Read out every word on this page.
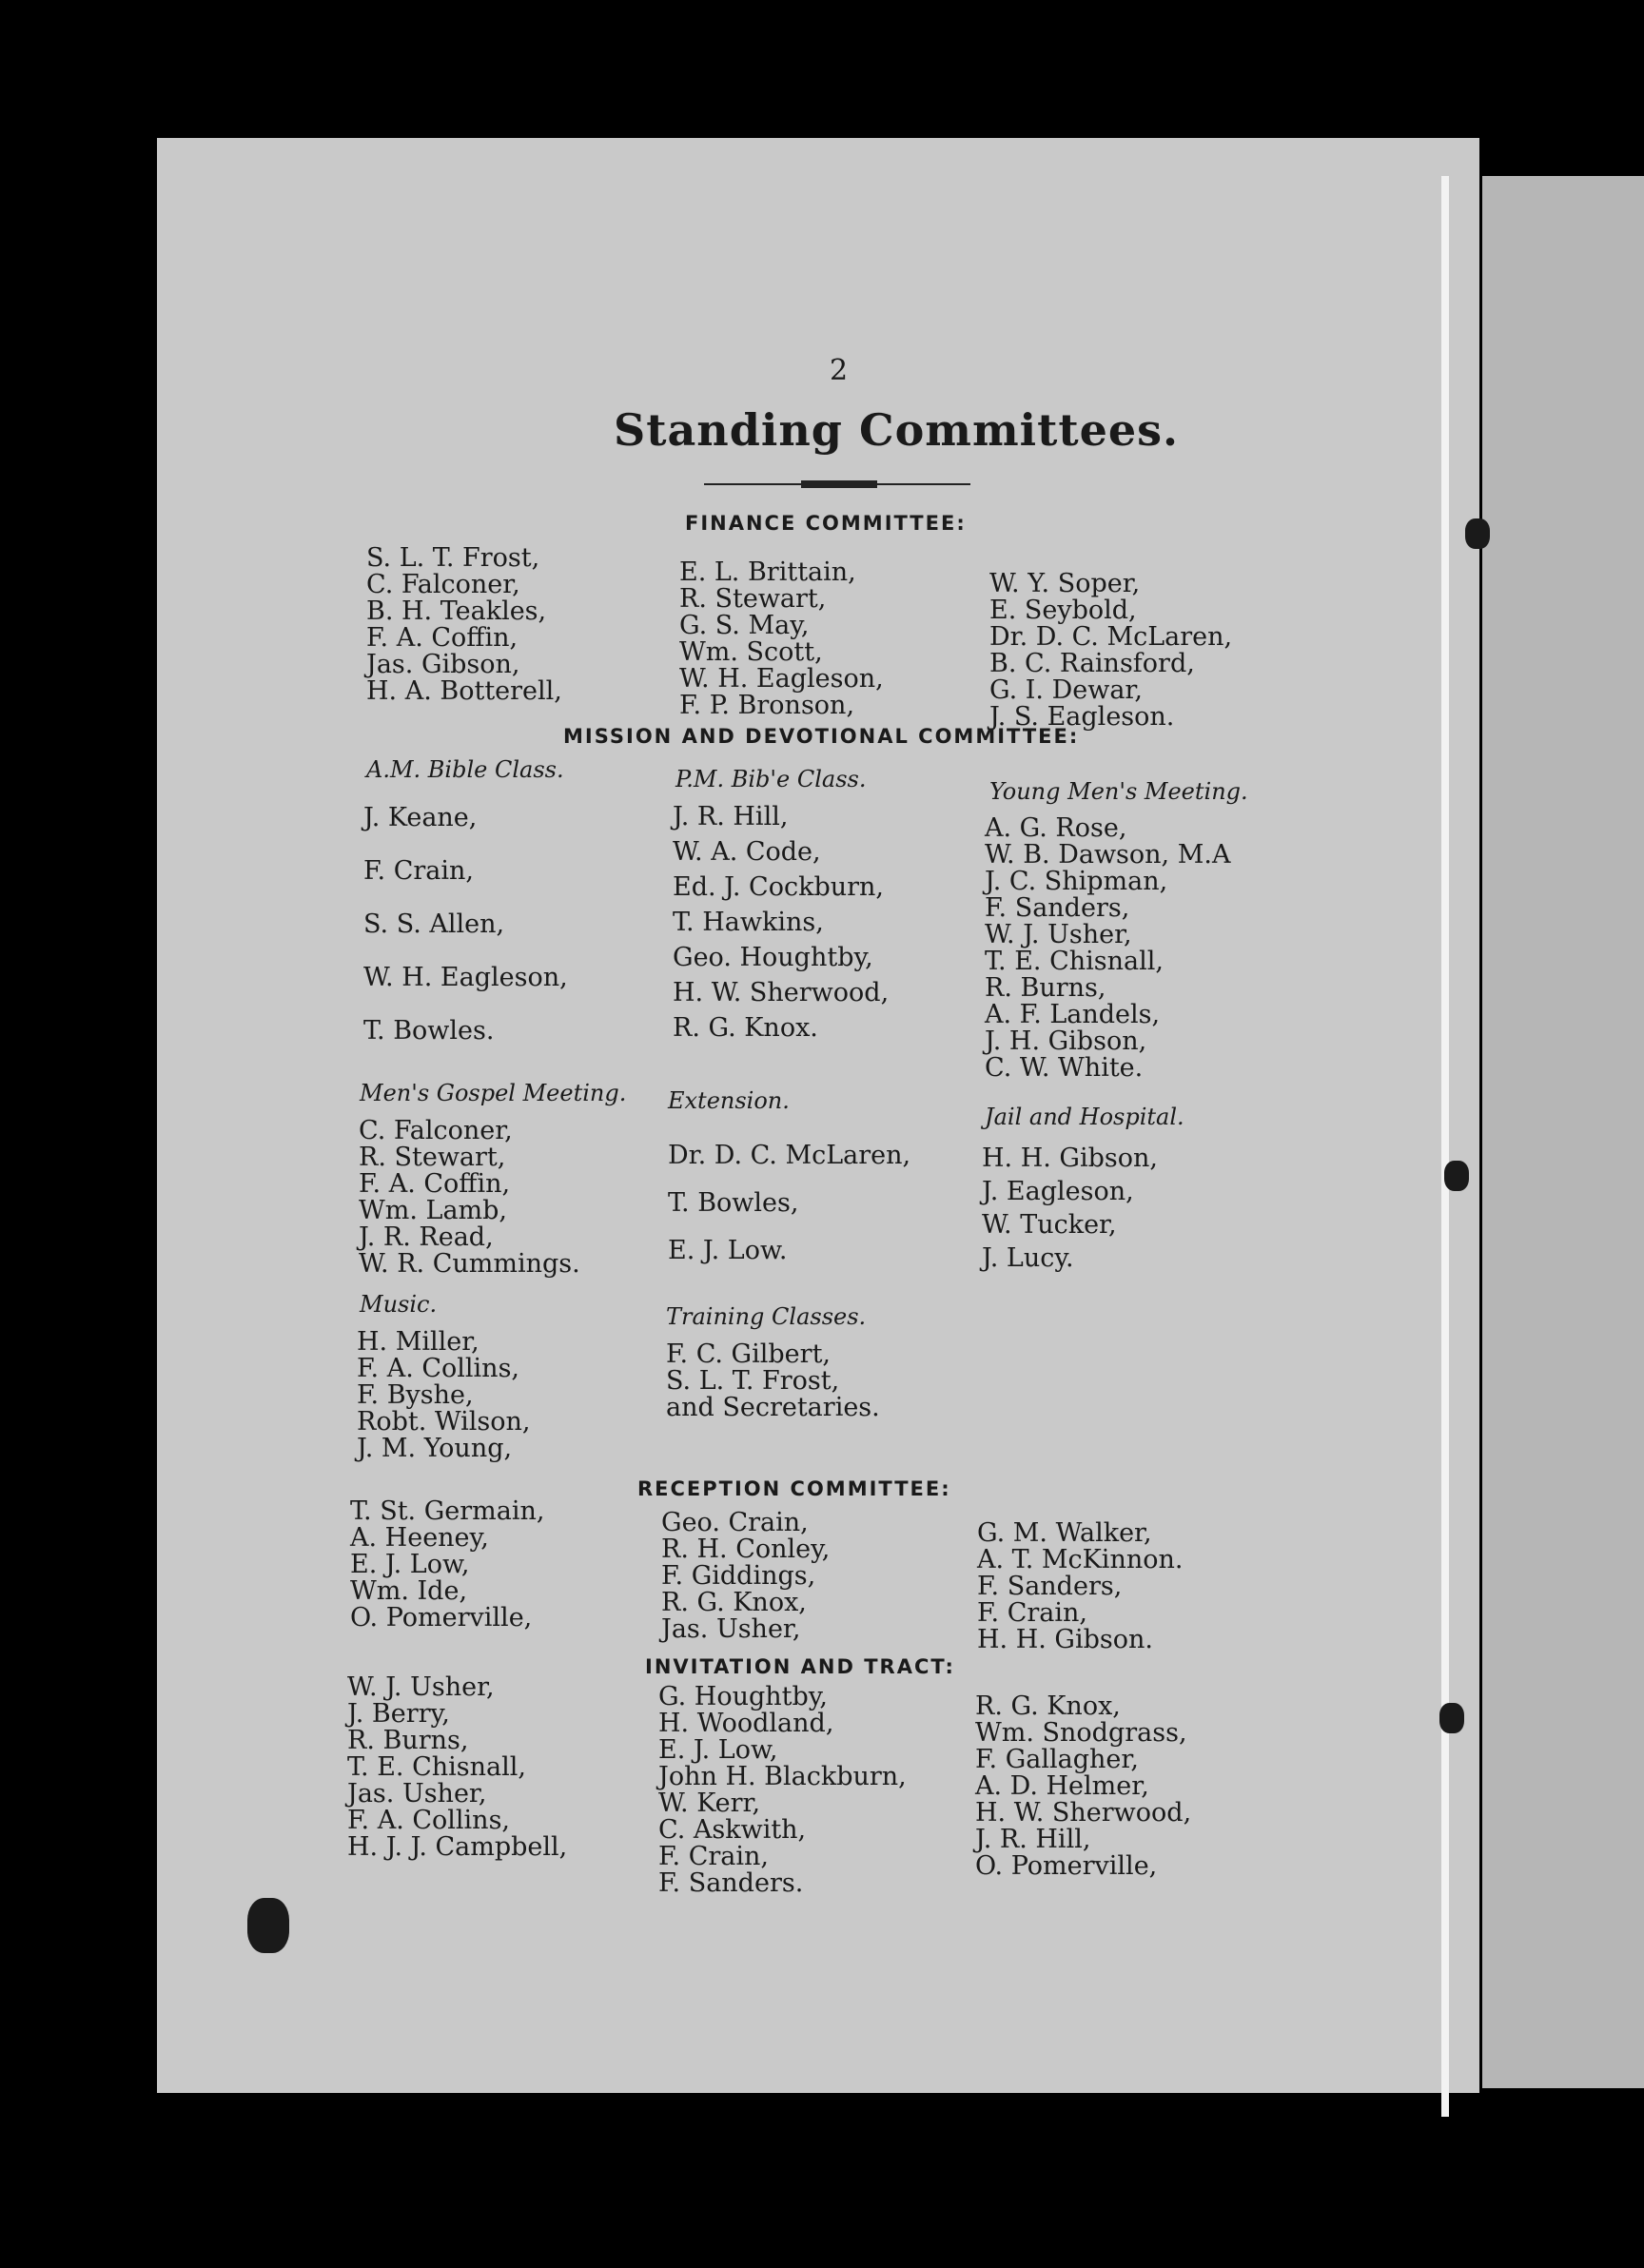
2
Standing Committees.
FINANCE COMMITTEE:
S. L. T. Frost,
C. Falconer,
B. H. Teakles,
F. A. Coffin,
Jas. Gibson,
H. A. Botterell,
E. L. Brittain,
R. Stewart,
G. S. May,
Wm. Scott,
W. H. Eagleson,
F. P. Bronson,
W. Y. Soper,
E. Seybold,
Dr. D. C. McLaren,
B. C. Rainsford,
G. I. Dewar,
J. S. Eagleson.
MISSION AND DEVOTIONAL COMMITTEE:
A.M. Bible Class.
J. Keane,
F. Crain,
S. S. Allen,
W. H. Eagleson,
T. Bowles.
P.M. Bib'e Class.
J. R. Hill,
W. A. Code,
Ed. J. Cockburn,
T. Hawkins,
Geo. Houghtby,
H. W. Sherwood,
R. G. Knox.
Young Men's Meeting.
A. G. Rose,
W. B. Dawson, M.A
J. C. Shipman,
F. Sanders,
W. J. Usher,
T. E. Chisnall,
R. Burns,
A. F. Landels,
J. H. Gibson,
C. W. White.
Men's Gospel Meeting.
C. Falconer,
R. Stewart,
F. A. Coffin,
Wm. Lamb,
J. R. Read,
W. R. Cummings.
Extension.
Dr. D. C. McLaren,
T. Bowles,
E. J. Low.
Jail and Hospital.
H. H. Gibson,
J. Eagleson,
W. Tucker,
J. Lucy.
Music.
H. Miller,
F. A. Collins,
F. Byshe,
Robt. Wilson,
J. M. Young,
Training Classes.
F. C. Gilbert,
S. L. T. Frost,
and Secretaries.
RECEPTION COMMITTEE:
T. St. Germain,
A. Heeney,
E. J. Low,
Wm. Ide,
O. Pomerville,
Geo. Crain,
R. H. Conley,
F. Giddings,
R. G. Knox,
Jas. Usher,
G. M. Walker,
A. T. McKinnon.
F. Sanders,
F. Crain,
H. H. Gibson.
INVITATION AND TRACT:
W. J. Usher,
J. Berry,
R. Burns,
T. E. Chisnall,
Jas. Usher,
F. A. Collins,
H. J. J. Campbell,
G. Houghtby,
H. Woodland,
E. J. Low,
John H. Blackburn,
W. Kerr,
C. Askwith,
F. Crain,
F. Sanders.
R. G. Knox,
Wm. Snodgrass,
F. Gallagher,
A. D. Helmer,
H. W. Sherwood,
J. R. Hill,
O. Pomerville,
